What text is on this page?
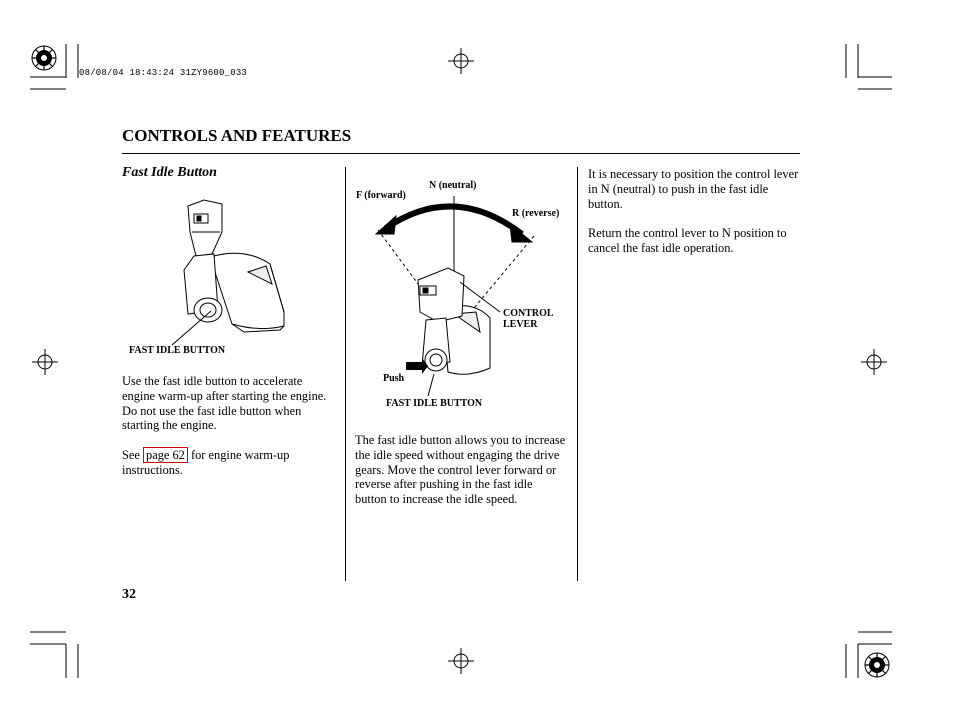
08/08/04 18:43:24 31ZY9600_033
CONTROLS AND FEATURES
Fast Idle Button
FAST IDLE BUTTON
Use the fast idle button to accelerate engine warm-up after starting the engine. Do not use the fast idle button when starting the engine.
See page 62 for engine warm-up instructions.
N (neutral)
F (forward)
R (reverse)
CONTROL
LEVER
Push
FAST IDLE BUTTON
The fast idle button allows you to increase the idle speed without engaging the drive gears. Move the control lever forward or reverse after pushing in the fast idle button to increase the idle speed.
It is necessary to position the control lever in N (neutral) to push in the fast idle button.
Return the control lever to N position to cancel the fast idle operation.
32
